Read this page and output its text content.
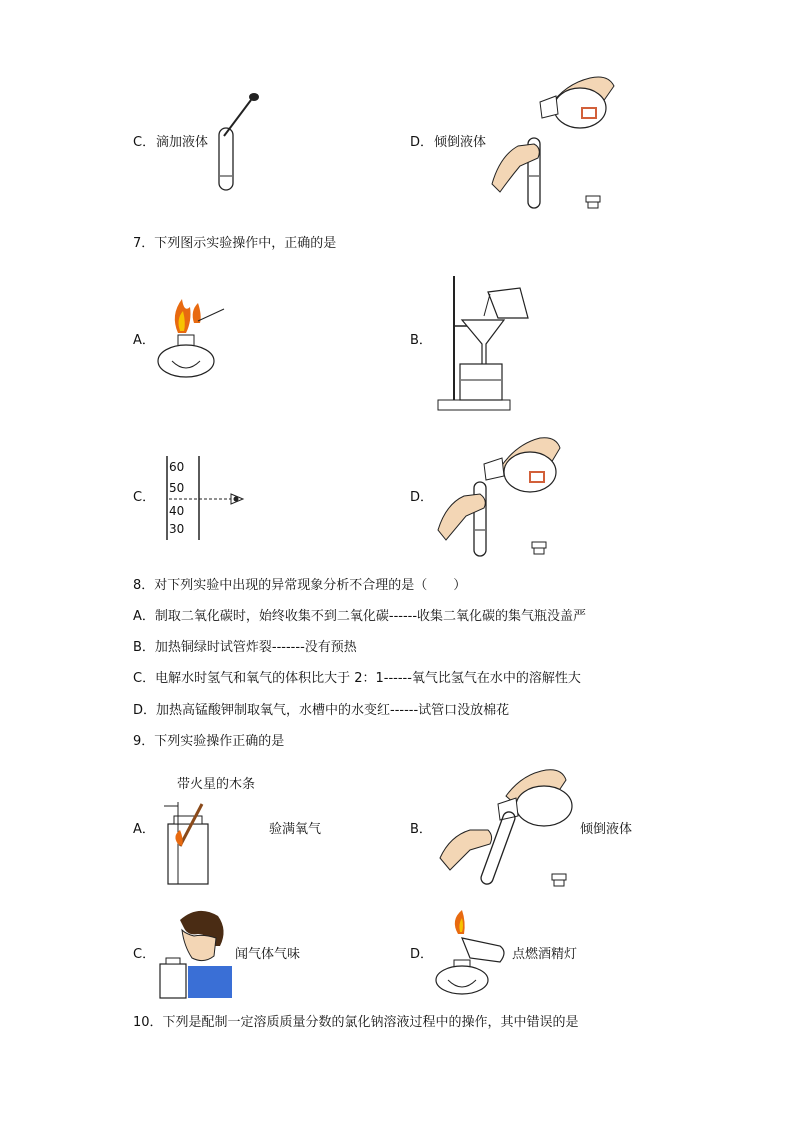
C． 滴加液体	D． 倾倒液体
7．下列图示实验操作中，正确的是
A．	B．
C．
60
50
40
30
D．
8．对下列实验中出现的异常现象分析不合理的是（　　）
A．制取二氧化碳时，始终收集不到二氧化碳------收集二氧化碳的集气瓶没盖严
B．加热铜绿时试管炸裂-------没有预热
C．电解水时氢气和氧气的体积比大于 2：1------氧气比氢气在水中的溶解性大
D．加热高锰酸钾制取氧气，水槽中的水变红------试管口没放棉花
9．下列实验操作正确的是
带火星的木条
A．	验满氧气	B．	倾倒液体
C．	闻气体气味	D．	点燃酒精灯
10．下列是配制一定溶质质量分数的氯化钠溶液过程中的操作，其中错误的是
